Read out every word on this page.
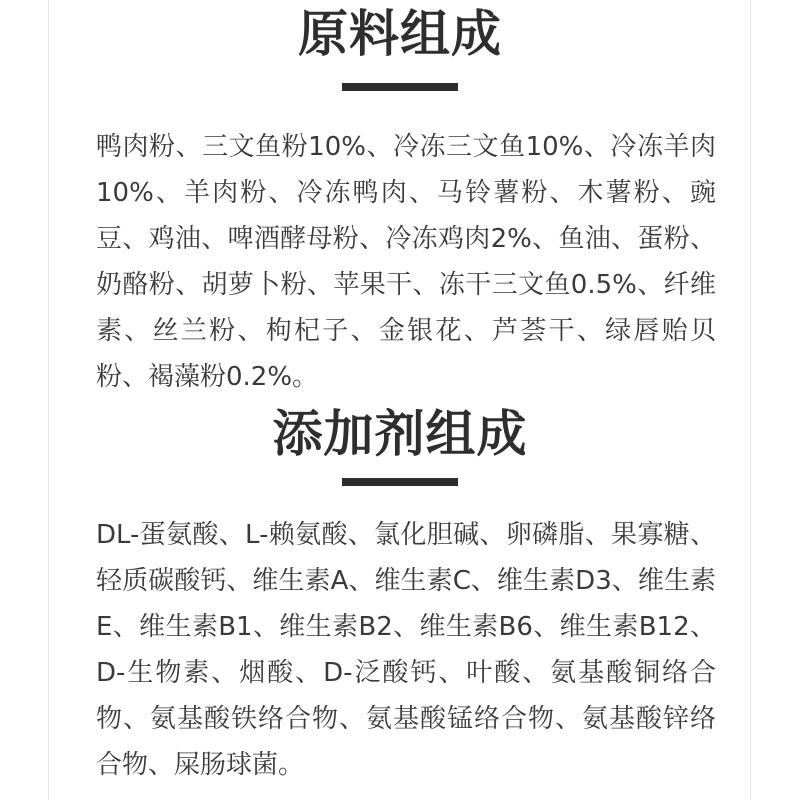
原料组成
鸭肉粉、三文鱼粉10%、冷冻三文鱼10%、冷冻羊肉10%、羊肉粉、冷冻鸭肉、马铃薯粉、木薯粉、豌豆、鸡油、啤酒酵母粉、冷冻鸡肉2%、鱼油、蛋粉、奶酪粉、胡萝卜粉、苹果干、冻干三文鱼0.5%、纤维素、丝兰粉、枸杞子、金银花、芦荟干、绿唇贻贝粉、褐藻粉0.2%。
添加剂组成
DL-蛋氨酸、L-赖氨酸、氯化胆碱、卵磷脂、果寡糖、轻质碳酸钙、维生素A、维生素C、维生素D3、维生素E、维生素B1、维生素B2、维生素B6、维生素B12、D-生物素、烟酸、D-泛酸钙、叶酸、氨基酸铜络合物、氨基酸铁络合物、氨基酸锰络合物、氨基酸锌络合物、屎肠球菌。
